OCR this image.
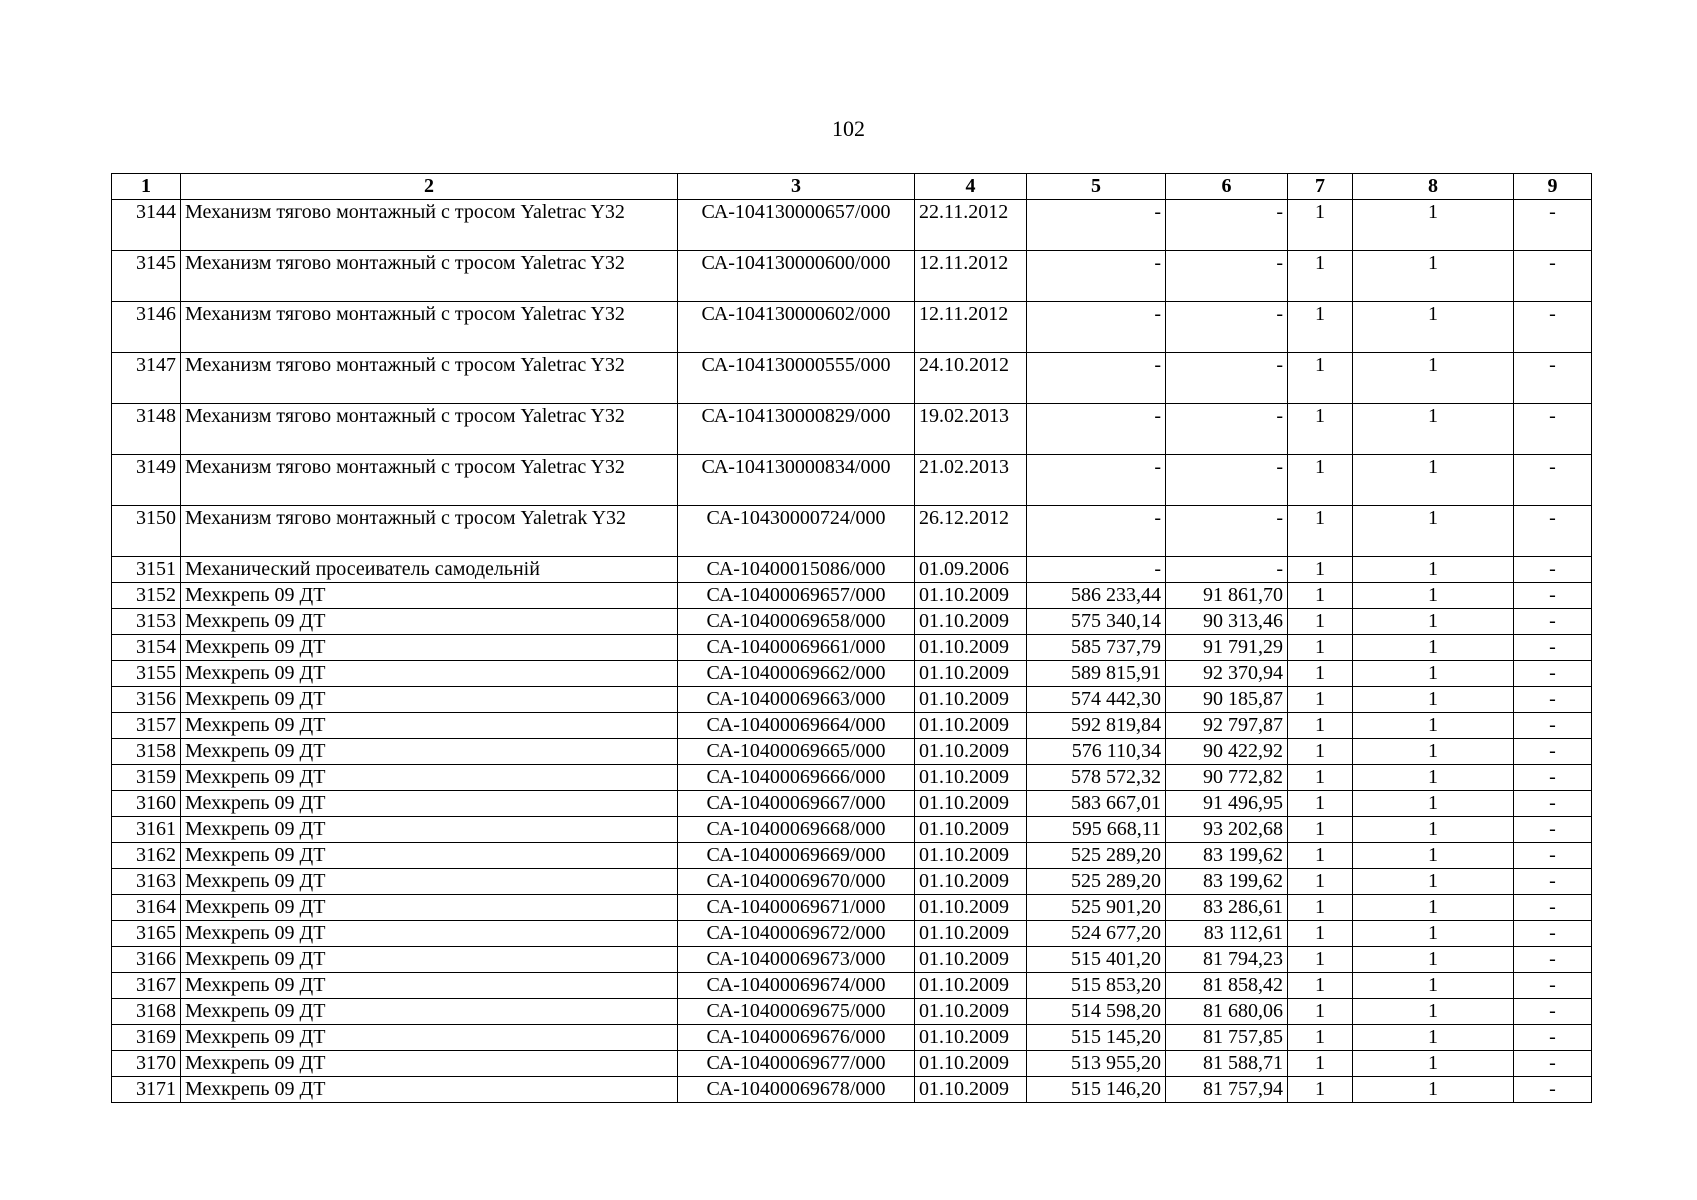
102
1	2	3	4	5	6	7	8	9
3144	Механизм тягово монтажный с тросом Yaletrac Y32	СА-104130000657/000	22.11.2012	-	-	1	1	-
3145	Механизм тягово монтажный с тросом Yaletrac Y32	СА-104130000600/000	12.11.2012	-	-	1	1	-
3146	Механизм тягово монтажный с тросом Yaletrac Y32	СА-104130000602/000	12.11.2012	-	-	1	1	-
3147	Механизм тягово монтажный с тросом Yaletrac Y32	СА-104130000555/000	24.10.2012	-	-	1	1	-
3148	Механизм тягово монтажный с тросом Yaletrac Y32	СА-104130000829/000	19.02.2013	-	-	1	1	-
3149	Механизм тягово монтажный с тросом Yaletrac Y32	СА-104130000834/000	21.02.2013	-	-	1	1	-
3150	Механизм тягово монтажный с тросом Yaletrak Y32	СА-10430000724/000	26.12.2012	-	-	1	1	-
3151	Механический просеиватель самодельнiй	СА-10400015086/000	01.09.2006	-	-	1	1	-
3152	Мехкрепь 09 ДТ	СА-10400069657/000	01.10.2009	586 233,44	91 861,70	1	1	-
3153	Мехкрепь 09 ДТ	СА-10400069658/000	01.10.2009	575 340,14	90 313,46	1	1	-
3154	Мехкрепь 09 ДТ	СА-10400069661/000	01.10.2009	585 737,79	91 791,29	1	1	-
3155	Мехкрепь 09 ДТ	СА-10400069662/000	01.10.2009	589 815,91	92 370,94	1	1	-
3156	Мехкрепь 09 ДТ	СА-10400069663/000	01.10.2009	574 442,30	90 185,87	1	1	-
3157	Мехкрепь 09 ДТ	СА-10400069664/000	01.10.2009	592 819,84	92 797,87	1	1	-
3158	Мехкрепь 09 ДТ	СА-10400069665/000	01.10.2009	576 110,34	90 422,92	1	1	-
3159	Мехкрепь 09 ДТ	СА-10400069666/000	01.10.2009	578 572,32	90 772,82	1	1	-
3160	Мехкрепь 09 ДТ	СА-10400069667/000	01.10.2009	583 667,01	91 496,95	1	1	-
3161	Мехкрепь 09 ДТ	СА-10400069668/000	01.10.2009	595 668,11	93 202,68	1	1	-
3162	Мехкрепь 09 ДТ	СА-10400069669/000	01.10.2009	525 289,20	83 199,62	1	1	-
3163	Мехкрепь 09 ДТ	СА-10400069670/000	01.10.2009	525 289,20	83 199,62	1	1	-
3164	Мехкрепь 09 ДТ	СА-10400069671/000	01.10.2009	525 901,20	83 286,61	1	1	-
3165	Мехкрепь 09 ДТ	СА-10400069672/000	01.10.2009	524 677,20	83 112,61	1	1	-
3166	Мехкрепь 09 ДТ	СА-10400069673/000	01.10.2009	515 401,20	81 794,23	1	1	-
3167	Мехкрепь 09 ДТ	СА-10400069674/000	01.10.2009	515 853,20	81 858,42	1	1	-
3168	Мехкрепь 09 ДТ	СА-10400069675/000	01.10.2009	514 598,20	81 680,06	1	1	-
3169	Мехкрепь 09 ДТ	СА-10400069676/000	01.10.2009	515 145,20	81 757,85	1	1	-
3170	Мехкрепь 09 ДТ	СА-10400069677/000	01.10.2009	513 955,20	81 588,71	1	1	-
3171	Мехкрепь 09 ДТ	СА-10400069678/000	01.10.2009	515 146,20	81 757,94	1	1	-
